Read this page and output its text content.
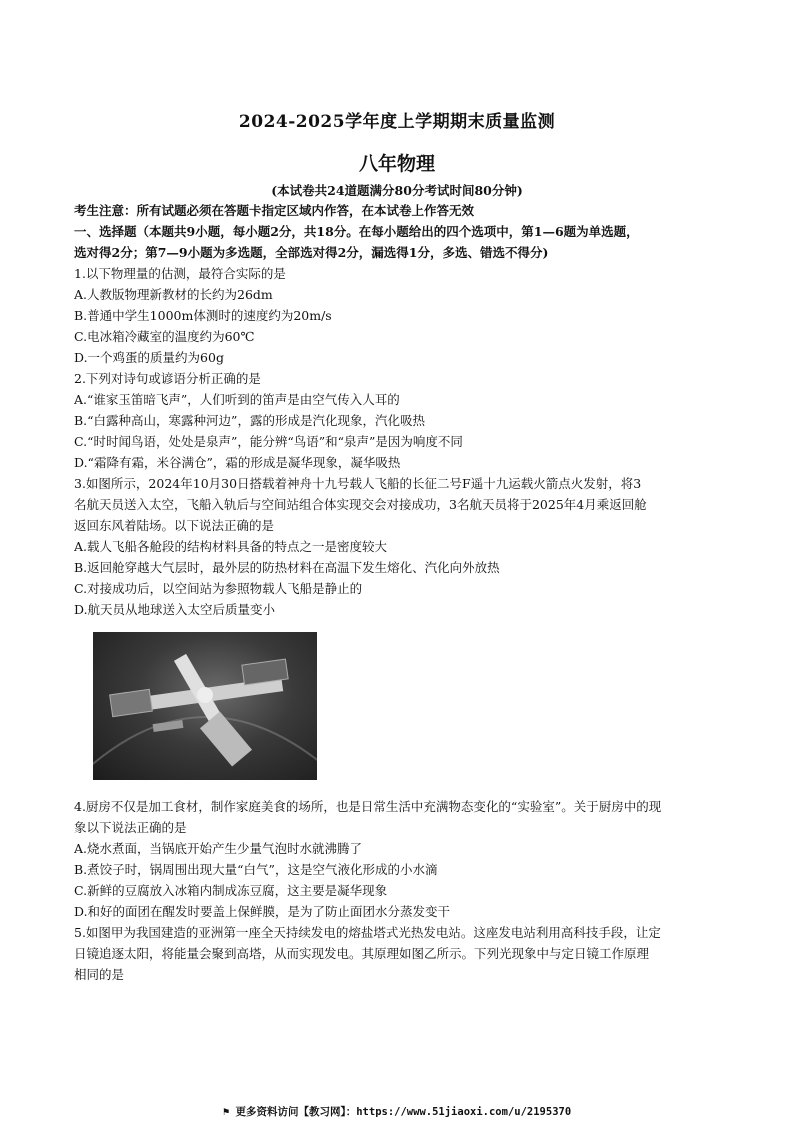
2024-2025学年度上学期期末质量监测
八年物理
(本试卷共24道题满分80分考试时间80分钟)
考生注意：所有试题必须在答题卡指定区域内作答，在本试卷上作答无效
一、选择题（本题共9小题，每小题2分，共18分。在每小题给出的四个选项中，第1—6题为单选题，
选对得2分；第7—9小题为多选题，全部选对得2分，漏选得1分，多选、错选不得分)
1.以下物理量的估测，最符合实际的是
A.人教版物理新教材的长约为26dm
B.普通中学生1000m体测时的速度约为20m/s
C.电冰箱冷藏室的温度约为60℃
D.一个鸡蛋的质量约为60g
2.下列对诗句或谚语分析正确的是
A.“谁家玉笛暗飞声”，人们听到的笛声是由空气传入人耳的
B.“白露种高山，寒露种河边”，露的形成是汽化现象，汽化吸热
C.“时时闻鸟语，处处是泉声”，能分辨“鸟语”和“泉声”是因为响度不同
D.“霜降有霜，米谷满仓”，霜的形成是凝华现象，凝华吸热
3.如图所示，2024年10月30日搭载着神舟十九号载人飞船的长征二号F遥十九运载火箭点火发射，将3
名航天员送入太空，飞船入轨后与空间站组合体实现交会对接成功，3名航天员将于2025年4月乘返回舱
返回东风着陆场。以下说法正确的是
A.载人飞船各舱段的结构材料具备的特点之一是密度较大
B.返回舱穿越大气层时，最外层的防热材料在高温下发生熔化、汽化向外放热
C.对接成功后，以空间站为参照物载人飞船是静止的
D.航天员从地球送入太空后质量变小
4.厨房不仅是加工食材，制作家庭美食的场所，也是日常生活中充满物态变化的“实验室”。关于厨房中的现
象以下说法正确的是
A.烧水煮面，当锅底开始产生少量气泡时水就沸腾了
B.煮饺子时，锅周围出现大量“白气”，这是空气液化形成的小水滴
C.新鲜的豆腐放入冰箱内制成冻豆腐，这主要是凝华现象
D.和好的面团在醒发时要盖上保鲜膜，是为了防止面团水分蒸发变干
5.如图甲为我国建造的亚洲第一座全天持续发电的熔盐塔式光热发电站。这座发电站利用高科技手段，让定
日镜追逐太阳，将能量会聚到高塔，从而实现发电。其原理如图乙所示。下列光现象中与定日镜工作原理
相同的是
⚑ 更多资料访问【教习网】：https://www.51jiaoxi.com/u/2195370
